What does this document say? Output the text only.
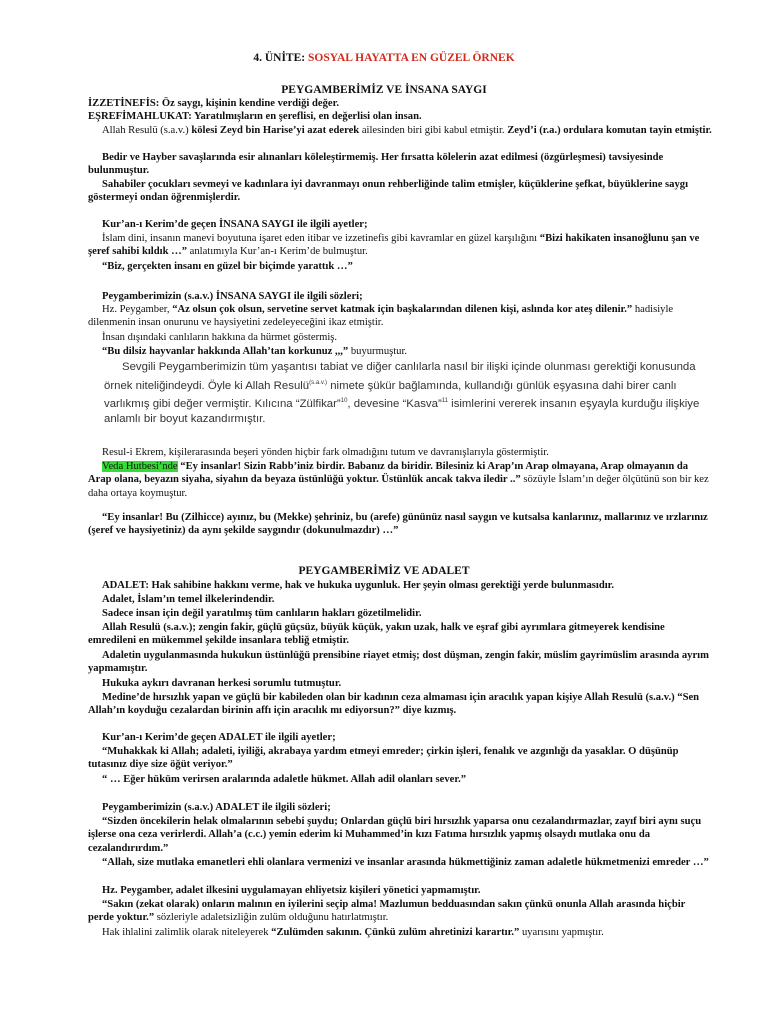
4. ÜNİTE: SOSYAL HAYATTA EN GÜZEL ÖRNEK
PEYGAMBERİMİZ VE İNSANA SAYGI

İZZETİNEFİS: Öz saygı, kişinin kendine verdiği değer.

EŞREFİMAHLUKAT: Yaratılmışların en şereflisi, en değerlisi olan insan.

Allah Resulü (s.a.v.) kölesi Zeyd bin Harise’yi azat ederek ailesinden biri gibi kabul etmiştir. Zeyd’i (r.a.) ordulara komutan tayin etmiştir.

Bedir ve Hayber savaşlarında esir alınanları köleleştirmemiş. Her fırsatta kölelerin azat edilmesi (özgürleşmesi) tavsiyesinde bulunmuştur.

Sahabiler çocukları sevmeyi ve kadınlara iyi davranmayı onun rehberliğinde talim etmişler, küçüklerine şefkat, büyüklerine saygı göstermeyi ondan öğrenmişlerdir.

Kur’an-ı Kerim’de geçen İNSANA SAYGI ile ilgili ayetler;

İslam dini, insanın manevi boyutuna işaret eden itibar ve izzetinefis gibi kavramlar en güzel karşılığını “Bizi hakikaten insanoğlunu şan ve şeref sahibi kıldık …” anlatımıyla Kur’an-ı Kerim’de bulmuştur.

“Biz, gerçekten insanı en güzel bir biçimde yarattık …”

Peygamberimizin (s.a.v.) İNSANA SAYGI ile ilgili sözleri;

Hz. Peygamber, “Az olsun çok olsun, servetine servet katmak için başkalarından dilenen kişi, aslında kor ateş dilenir.” hadisiyle dilenmenin insan onurunu ve haysiyetini zedeleyeceğini ikaz etmiştir.

İnsan dışındaki canlıların hakkına da hürmet göstermiş.

“Bu dilsiz hayvanlar hakkında Allah’tan korkunuz ,,,” buyurmuştur.

Sevgili Peygamberimizin tüm yaşantısı tabiat ve diğer canlılarla nasıl bir ilişki içinde olunması gerektiği konusunda örnek niteliğindeydi. Öyle ki Allah Resulü$^{(s.a.v.)}$ nimete şükür bağlamında, kullandığı günlük eşyasına dahi birer canlı varlıkmış gibi değer vermiştir. Kılıcına “Zülfikar”$^{10}$, devesine “Kasva”$^{11}$ isimlerini vererek insanın eşyayla kurduğu ilişkiye anlamlı bir boyut kazandırmıştır.

Resul-i Ekrem, kişilerarasında beşeri yönden hiçbir fark olmadığını tutum ve davranışlarıyla göstermiştir.

Veda Hutbesi’nde “Ey insanlar! Sizin Rabb’iniz birdir. Babanız da biridir. Bilesiniz ki Arap’ın Arap olmayana, Arap olmayanın da Arap olana, beyazın siyaha, siyahın da beyaza üstünlüğü yoktur. Üstünlük ancak takva iledir ..” sözüyle İslam’ın değer ölçütünü son bir kez daha ortaya koymuştur.

“Ey insanlar! Bu (Zilhicce) ayınız, bu (Mekke) şehriniz, bu (arefe) gününüz nasıl saygın ve kutsalsa kanlarınız, mallarınız ve ırzlarınız (şeref ve haysiyetiniz) da aynı şekilde saygındır (dokunulmazdır) …”

PEYGAMBERİMİZ VE ADALET

ADALET: Hak sahibine hakkını verme, hak ve hukuka uygunluk. Her şeyin olması gerektiği yerde bulunmasıdır.

Adalet, İslam’ın temel ilkelerindendir.

Sadece insan için değil yaratılmış tüm canlıların hakları gözetilmelidir.

Allah Resulü (s.a.v.); zengin fakir, güçlü güçsüz, büyük küçük, yakın uzak, halk ve eşraf gibi ayrımlara gitmeyerek kendisine emredileni en mükemmel şekilde insanlara tebliğ etmiştir.

Adaletin uygulanmasında hukukun üstünlüğü prensibine riayet etmiş; dost düşman, zengin fakir, müslim gayrimüslim arasında ayrım yapmamıştır.

Hukuka aykırı davranan herkesi sorumlu tutmuştur.

Medine’de hırsızlık yapan ve güçlü bir kabileden olan bir kadının ceza almaması için aracılık yapan kişiye Allah Resulü (s.a.v.) “Sen Allah’ın koyduğu cezalardan birinin affı için aracılık mı ediyorsun?” diye kızmış.

Kur’an-ı Kerim’de geçen ADALET ile ilgili ayetler;

“Muhakkak ki Allah; adaleti, iyiliği, akrabaya yardım etmeyi emreder; çirkin işleri, fenalık ve azgınlığı da yasaklar. O düşünüp tutasınız diye size öğüt veriyor.”

“ … Eğer hüküm verirsen aralarında adaletle hükmet. Allah adil olanları sever.”

Peygamberimizin (s.a.v.) ADALET ile ilgili sözleri;

“Sizden öncekilerin helak olmalarının sebebi şuydu; Onlardan güçlü biri hırsızlık yaparsa onu cezalandırmazlar, zayıf biri aynı suçu işlerse ona ceza verirlerdi. Allah’a (c.c.) yemin ederim ki Muhammed’in kızı Fatıma hırsızlık yapmış olsaydı mutlaka onu da cezalandırırdım.”

“Allah, size mutlaka emanetleri ehli olanlara vermenizi ve insanlar arasında hükmettiğiniz zaman adaletle hükmetmenizi emreder …”

Hz. Peygamber, adalet ilkesini uygulamayan ehliyetsiz kişileri yönetici yapmamıştır.

“Sakın (zekat olarak) onların malının en iyilerini seçip alma! Mazlumun bedduasından sakın çünkü onunla Allah arasında hiçbir perde yoktur.” sözleriyle adaletsizliğin zulüm olduğunu hatırlatmıştır.

Hak ihlalini zalimlik olarak niteleyerek “Zulümden sakının. Çünkü zulüm ahretinizi karartır.” uyarısını yapmıştır.
